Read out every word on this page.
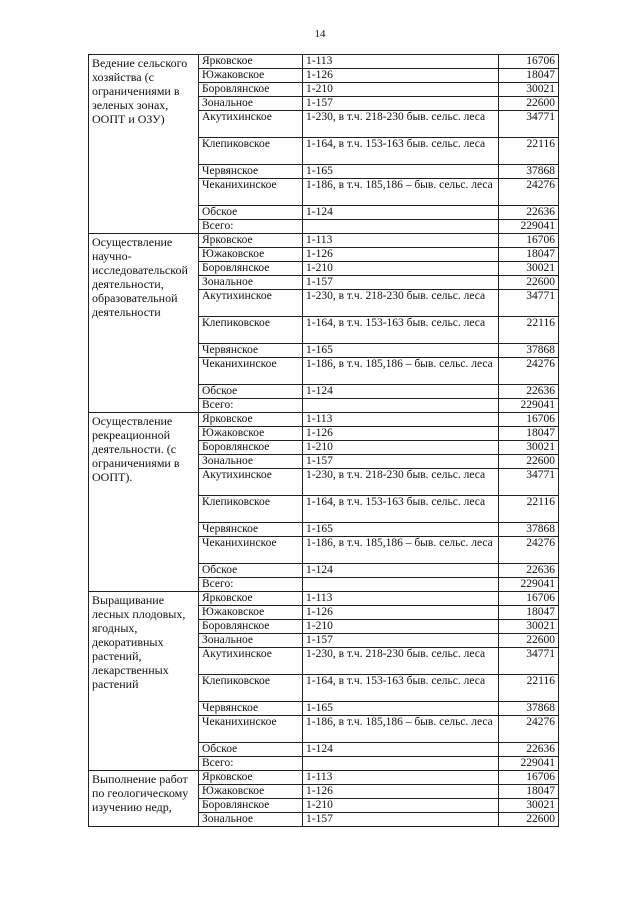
14
Ведение сельского хозяйства (с ограничениями в зеленых зонах, ООПТ и ОЗУ)	Ярковское	1-113	16706
	Южаковское	1-126	18047
	Боровлянское	1-210	30021
	Зональное	1-157	22600
	Акутихинское	1-230, в т.ч. 218-230 быв. сельс. леса	34771
	Клепиковское	1-164, в т.ч. 153-163 быв. сельс. леса	22116
	Червянское	1-165	37868
	Чеканихинское	1-186, в т.ч. 185,186 – быв. сельс. леса	24276
	Обское	1-124	22636
	Всего:		229041
Осуществление научно-исследовательской деятельности, образовательной деятельности	Ярковское	1-113	16706
	Южаковское	1-126	18047
	Боровлянское	1-210	30021
	Зональное	1-157	22600
	Акутихинское	1-230, в т.ч. 218-230 быв. сельс. леса	34771
	Клепиковское	1-164, в т.ч. 153-163 быв. сельс. леса	22116
	Червянское	1-165	37868
	Чеканихинское	1-186, в т.ч. 185,186 – быв. сельс. леса	24276
	Обское	1-124	22636
	Всего:		229041
Осуществление рекреационной деятельности. (с ограничениями в ООПТ).	Ярковское	1-113	16706
	Южаковское	1-126	18047
	Боровлянское	1-210	30021
	Зональное	1-157	22600
	Акутихинское	1-230, в т.ч. 218-230 быв. сельс. леса	34771
	Клепиковское	1-164, в т.ч. 153-163 быв. сельс. леса	22116
	Червянское	1-165	37868
	Чеканихинское	1-186, в т.ч. 185,186 – быв. сельс. леса	24276
	Обское	1-124	22636
	Всего:		229041
Выращивание лесных плодовых, ягодных, декоративных растений, лекарственных растений	Ярковское	1-113	16706
	Южаковское	1-126	18047
	Боровлянское	1-210	30021
	Зональное	1-157	22600
	Акутихинское	1-230, в т.ч. 218-230 быв. сельс. леса	34771
	Клепиковское	1-164, в т.ч. 153-163 быв. сельс. леса	22116
	Червянское	1-165	37868
	Чеканихинское	1-186, в т.ч. 185,186 – быв. сельс. леса	24276
	Обское	1-124	22636
	Всего:		229041
Выполнение работ по геологическому изучению недр,	Ярковское	1-113	16706
	Южаковское	1-126	18047
	Боровлянское	1-210	30021
	Зональное	1-157	22600
